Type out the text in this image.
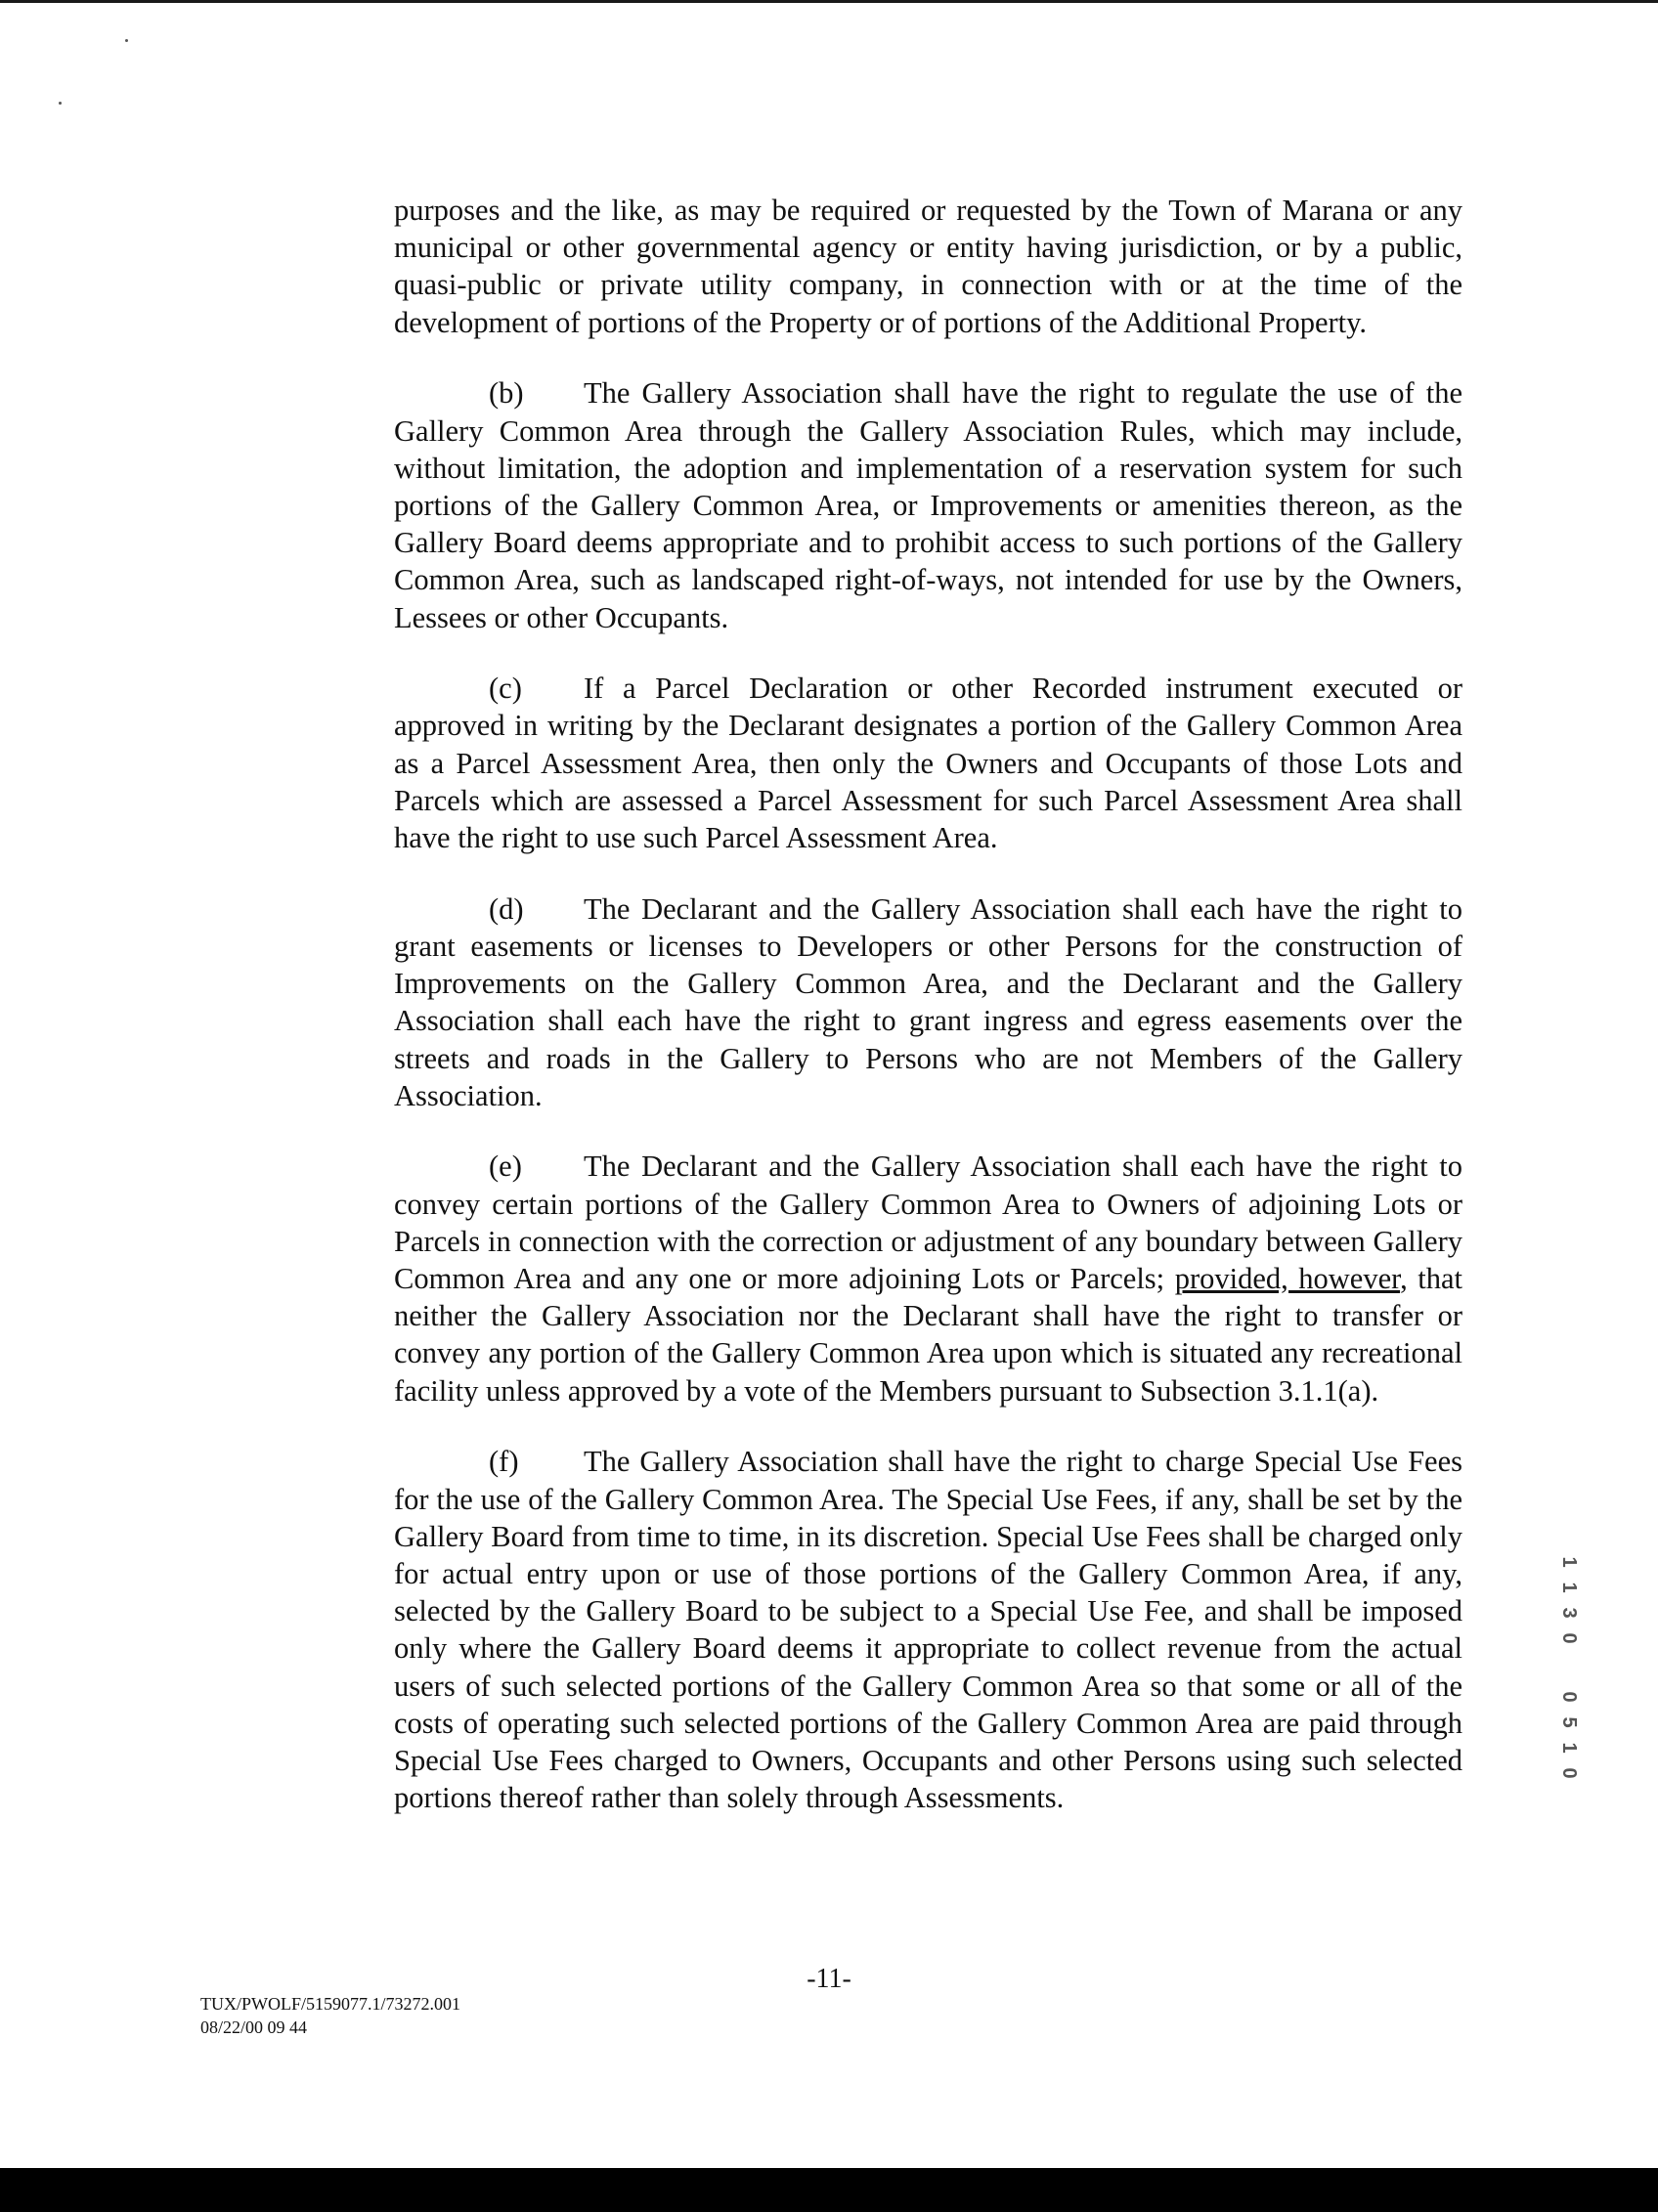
purposes and the like, as may be required or requested by the Town of Marana or any municipal or other governmental agency or entity having jurisdiction, or by a public, quasi-public or private utility company, in connection with or at the time of the development of portions of the Property or of portions of the Additional Property.

(b) The Gallery Association shall have the right to regulate the use of the Gallery Common Area through the Gallery Association Rules, which may include, without limitation, the adoption and implementation of a reservation system for such portions of the Gallery Common Area, or Improvements or amenities thereon, as the Gallery Board deems appropriate and to prohibit access to such portions of the Gallery Common Area, such as landscaped right-of-ways, not intended for use by the Owners, Lessees or other Occupants.

(c) If a Parcel Declaration or other Recorded instrument executed or approved in writing by the Declarant designates a portion of the Gallery Common Area as a Parcel Assessment Area, then only the Owners and Occupants of those Lots and Parcels which are assessed a Parcel Assessment for such Parcel Assessment Area shall have the right to use such Parcel Assessment Area.

(d) The Declarant and the Gallery Association shall each have the right to grant easements or licenses to Developers or other Persons for the construction of Improvements on the Gallery Common Area, and the Declarant and the Gallery Association shall each have the right to grant ingress and egress easements over the streets and roads in the Gallery to Persons who are not Members of the Gallery Association.

(e) The Declarant and the Gallery Association shall each have the right to convey certain portions of the Gallery Common Area to Owners of adjoining Lots or Parcels in connection with the correction or adjustment of any boundary between Gallery Common Area and any one or more adjoining Lots or Parcels; provided, however, that neither the Gallery Association nor the Declarant shall have the right to transfer or convey any portion of the Gallery Common Area upon which is situated any recreational facility unless approved by a vote of the Members pursuant to Subsection 3.1.1(a).

(f) The Gallery Association shall have the right to charge Special Use Fees for the use of the Gallery Common Area. The Special Use Fees, if any, shall be set by the Gallery Board from time to time, in its discretion. Special Use Fees shall be charged only for actual entry upon or use of those portions of the Gallery Common Area, if any, selected by the Gallery Board to be subject to a Special Use Fee, and shall be imposed only where the Gallery Board deems it appropriate to collect revenue from the actual users of such selected portions of the Gallery Common Area so that some or all of the costs of operating such selected portions of the Gallery Common Area are paid through Special Use Fees charged to Owners, Occupants and other Persons using such selected portions thereof rather than solely through Assessments.

-11-
TUX/PWOLF/5159077.1/73272.001
08/22/00 09 44
1
1
3
0
0
5
1
0
